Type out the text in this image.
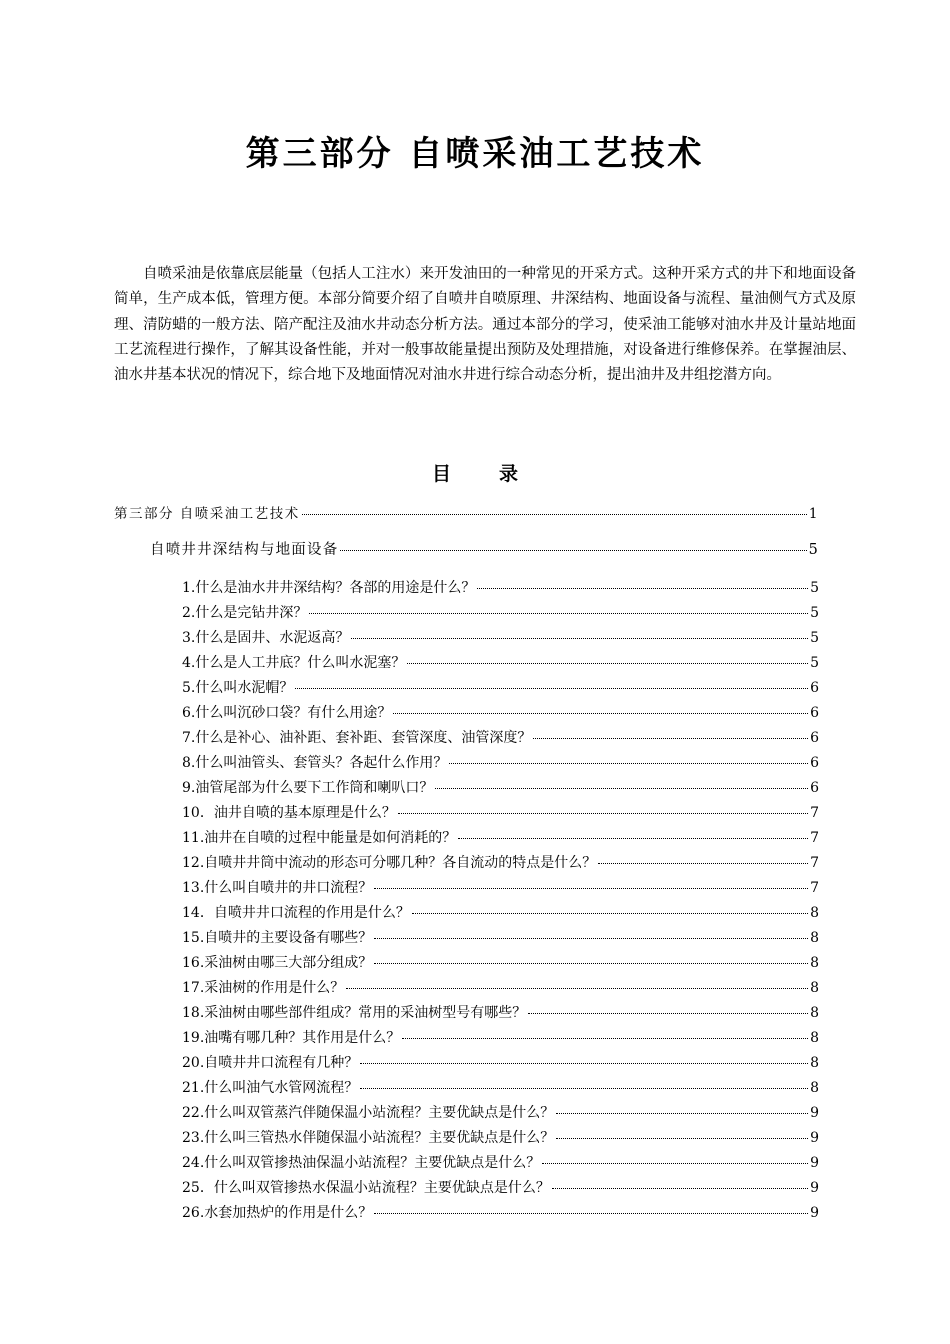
第三部分 自喷采油工艺技术

自喷采油是依靠底层能量（包括人工注水）来开发油田的一种常见的开采方式。这种开采方式的井下和地面设备简单，生产成本低，管理方便。本部分简要介绍了自喷井自喷原理、井深结构、地面设备与流程、量油侧气方式及原理、清防蜡的一般方法、陪产配注及油水井动态分析方法。通过本部分的学习，使采油工能够对油水井及计量站地面工艺流程进行操作，了解其设备性能，并对一般事故能量提出预防及处理措施，对设备进行维修保养。在掌握油层、油水井基本状况的情况下，综合地下及地面情况对油水井进行综合动态分析，提出油井及井组挖潜方向。

目	录
第三部分 自喷采油工艺技术	1
自喷井井深结构与地面设备	5
1.什么是油水井井深结构？各部的用途是什么？	5
2.什么是完钻井深？	5
3.什么是固井、水泥返高？	5
4.什么是人工井底？什么叫水泥塞？	5
5.什么叫水泥帽？	6
6.什么叫沉砂口袋？有什么用途？	6
7.什么是补心、油补距、套补距、套管深度、油管深度？	6
8.什么叫油管头、套管头？各起什么作用？	6
9.油管尾部为什么要下工作筒和喇叭口？	6
10．油井自喷的基本原理是什么？	7
11.油井在自喷的过程中能量是如何消耗的？	7
12.自喷井井筒中流动的形态可分哪几种？各自流动的特点是什么？	7
13.什么叫自喷井的井口流程？	7
14．自喷井井口流程的作用是什么？	8
15.自喷井的主要设备有哪些？	8
16.采油树由哪三大部分组成？	8
17.采油树的作用是什么？	8
18.采油树由哪些部件组成？常用的采油树型号有哪些？	8
19.油嘴有哪几种？其作用是什么？	8
20.自喷井井口流程有几种？	8
21.什么叫油气水管网流程？	8
22.什么叫双管蒸汽伴随保温小站流程？主要优缺点是什么？	9
23.什么叫三管热水伴随保温小站流程？主要优缺点是什么？	9
24.什么叫双管掺热油保温小站流程？主要优缺点是什么？	9
25．什么叫双管掺热水保温小站流程？主要优缺点是什么？	9
26.水套加热炉的作用是什么？	9
